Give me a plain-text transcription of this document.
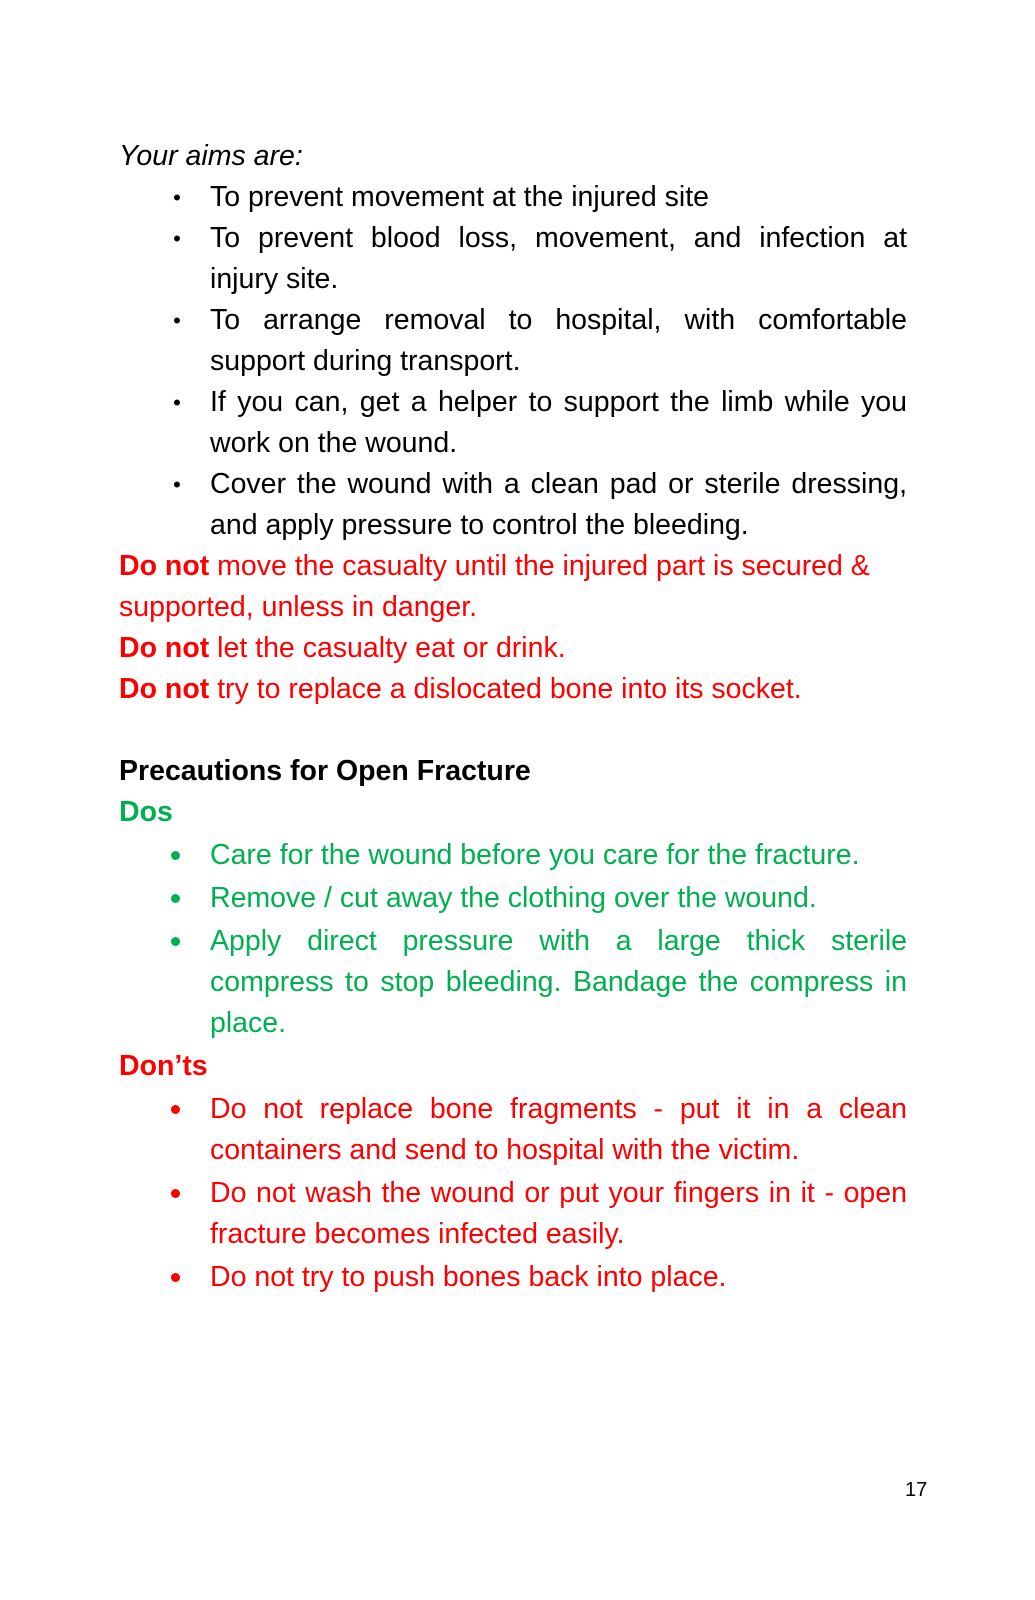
Your aims are:

• To prevent movement at the injured site
• To prevent blood loss, movement, and infection at injury site.
• To arrange removal to hospital, with comfortable support during transport.
• If you can, get a helper to support the limb while you work on the wound.
• Cover the wound with a clean pad or sterile dressing, and apply pressure to control the bleeding.

Do not move the casualty until the injured part is secured & supported, unless in danger.

Do not let the casualty eat or drink.

Do not try to replace a dislocated bone into its socket.

Precautions for Open Fracture

Dos

Care for the wound before you care for the fracture.
Remove / cut away the clothing over the wound.
Apply direct pressure with a large thick sterile compress to stop bleeding. Bandage the compress in place.

Don’ts

Do not replace bone fragments - put it in a clean containers and send to hospital with the victim.
Do not wash the wound or put your fingers in it - open fracture becomes infected easily.
Do not try to push bones back into place.
17
